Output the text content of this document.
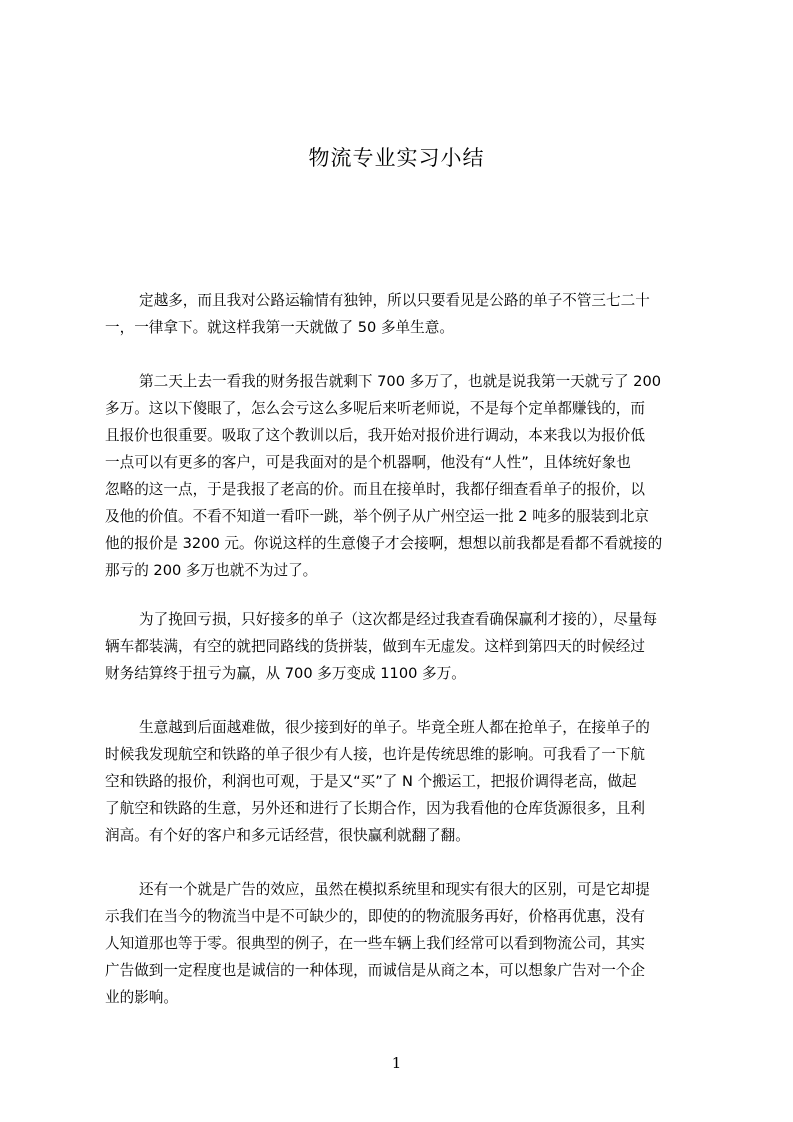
物流专业实习小结
定越多，而且我对公路运输情有独钟，所以只要看见是公路的单子不管三七二十
一，一律拿下。就这样我第一天就做了 50 多单生意。
第二天上去一看我的财务报告就剩下 700 多万了，也就是说我第一天就亏了 200
多万。这以下傻眼了，怎么会亏这么多呢后来听老师说，不是每个定单都赚钱的，而
且报价也很重要。吸取了这个教训以后，我开始对报价进行调动，本来我以为报价低
一点可以有更多的客户，可是我面对的是个机器啊，他没有“人性”，且体统好象也
忽略的这一点，于是我报了老高的价。而且在接单时，我都仔细查看单子的报价，以
及他的价值。不看不知道一看吓一跳，举个例子从广州空运一批 2 吨多的服装到北京
他的报价是 3200 元。你说这样的生意傻子才会接啊，想想以前我都是看都不看就接的
那亏的 200 多万也就不为过了。
为了挽回亏损，只好接多的单子（这次都是经过我查看确保赢利才接的），尽量每
辆车都装满，有空的就把同路线的货拼装，做到车无虚发。这样到第四天的时候经过
财务结算终于扭亏为赢，从 700 多万变成 1100 多万。
生意越到后面越难做，很少接到好的单子。毕竟全班人都在抢单子，在接单子的
时候我发现航空和铁路的单子很少有人接，也许是传统思维的影响。可我看了一下航
空和铁路的报价，利润也可观，于是又“买”了 N 个搬运工，把报价调得老高，做起
了航空和铁路的生意，另外还和进行了长期合作，因为我看他的仓库货源很多，且利
润高。有个好的客户和多元话经营，很快赢利就翻了翻。
还有一个就是广告的效应，虽然在模拟系统里和现实有很大的区别，可是它却提
示我们在当今的物流当中是不可缺少的，即使的的物流服务再好，价格再优惠，没有
人知道那也等于零。很典型的例子，在一些车辆上我们经常可以看到物流公司，其实
广告做到一定程度也是诚信的一种体现，而诚信是从商之本，可以想象广告对一个企
业的影响。
1
